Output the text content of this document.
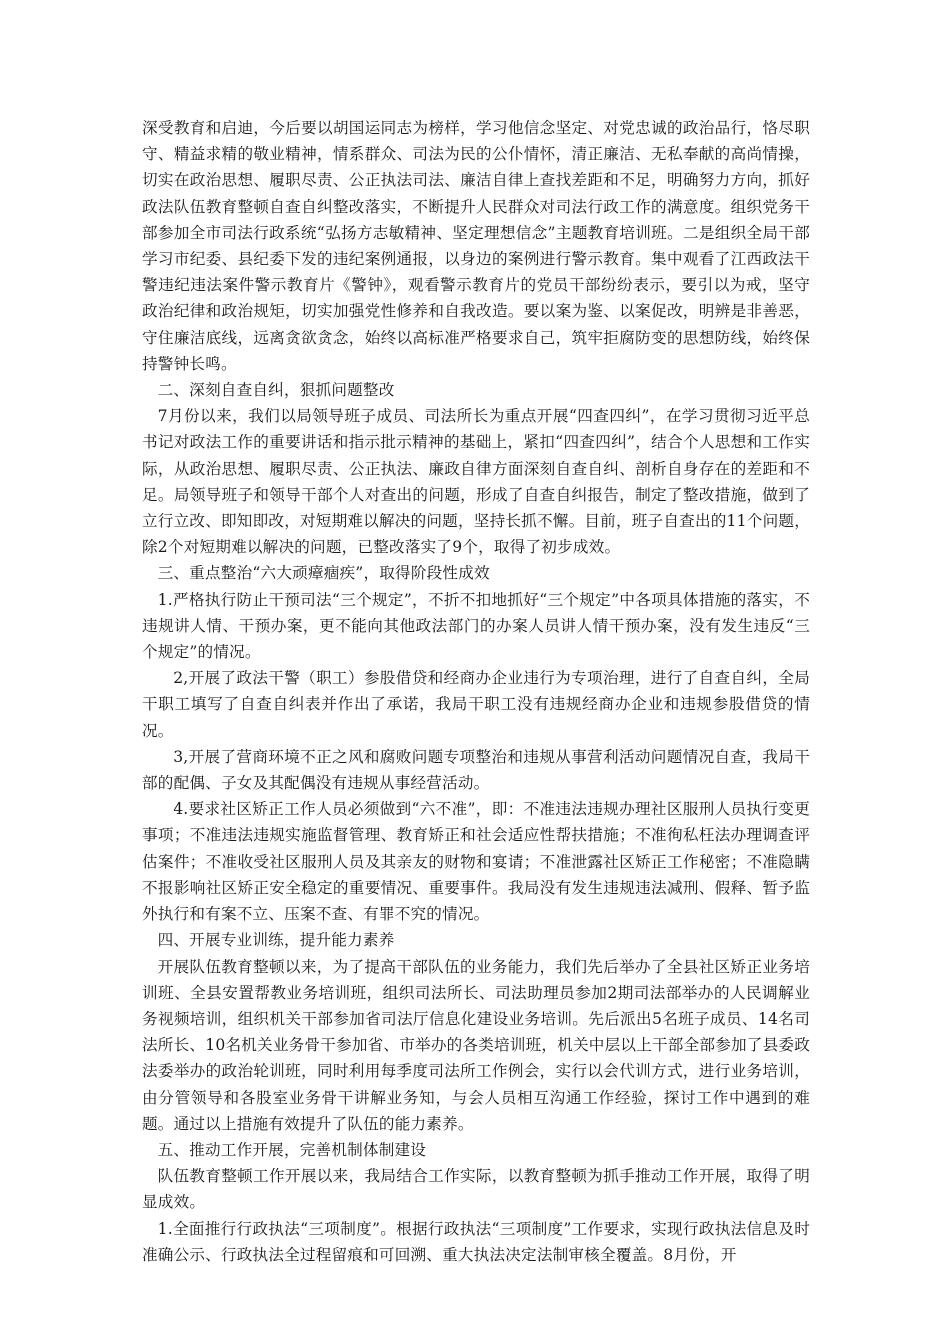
深受教育和启迪，今后要以胡国运同志为榜样，学习他信念坚定、对党忠诚的政治品行，恪尽职守、精益求精的敬业精神，情系群众、司法为民的公仆情怀，清正廉洁、无私奉献的高尚情操，切实在政治思想、履职尽责、公正执法司法、廉洁自律上查找差距和不足，明确努力方向，抓好政法队伍教育整顿自查自纠整改落实，不断提升人民群众对司法行政工作的满意度。组织党务干部参加全市司法行政系统“弘扬方志敏精神、坚定理想信念”主题教育培训班。二是组织全局干部学习市纪委、县纪委下发的违纪案例通报，以身边的案例进行警示教育。集中观看了江西政法干警违纪违法案件警示教育片《警钟》，观看警示教育片的党员干部纷纷表示，要引以为戒，坚守政治纪律和政治规矩，切实加强党性修养和自我改造。要以案为鉴、以案促改，明辨是非善恶，守住廉洁底线，远离贪欲贪念，始终以高标准严格要求自己，筑牢拒腐防变的思想防线，始终保持警钟长鸣。

二、深刻自查自纠，狠抓问题整改

7月份以来，我们以局领导班子成员、司法所长为重点开展“四查四纠”，在学习贯彻习近平总书记对政法工作的重要讲话和指示批示精神的基础上，紧扣“四查四纠”，结合个人思想和工作实际，从政治思想、履职尽责、公正执法、廉政自律方面深刻自查自纠、剖析自身存在的差距和不足。局领导班子和领导干部个人对查出的问题，形成了自查自纠报告，制定了整改措施，做到了立行立改、即知即改，对短期难以解决的问题，坚持长抓不懈。目前，班子自查出的11个问题，除2个对短期难以解决的问题，已整改落实了9个，取得了初步成效。

三、重点整治“六大顽瘴痼疾”，取得阶段性成效

1.严格执行防止干预司法“三个规定”，不折不扣地抓好“三个规定”中各项具体措施的落实，不违规讲人情、干预办案，更不能向其他政法部门的办案人员讲人情干预办案，没有发生违反“三个规定”的情况。

2,开展了政法干警（职工）参股借贷和经商办企业违行为专项治理，进行了自查自纠，全局干职工填写了自查自纠表并作出了承诺，我局干职工没有违规经商办企业和违规参股借贷的情况。

3,开展了营商环境不正之风和腐败问题专项整治和违规从事营利活动问题情况自查，我局干部的配偶、子女及其配偶没有违规从事经营活动。

4.要求社区矫正工作人员必须做到“六不准”，即：不准违法违规办理社区服刑人员执行变更事项；不准违法违规实施监督管理、教育矫正和社会适应性帮扶措施；不准徇私枉法办理调查评估案件；不准收受社区服刑人员及其亲友的财物和宴请；不准泄露社区矫正工作秘密；不准隐瞒不报影响社区矫正安全稳定的重要情况、重要事件。我局没有发生违规违法减刑、假释、暂予监外执行和有案不立、压案不查、有罪不究的情况。

四、开展专业训练，提升能力素养

开展队伍教育整顿以来，为了提高干部队伍的业务能力，我们先后举办了全县社区矫正业务培训班、全县安置帮教业务培训班，组织司法所长、司法助理员参加2期司法部举办的人民调解业务视频培训，组织机关干部参加省司法厅信息化建设业务培训。先后派出5名班子成员、14名司法所长、10名机关业务骨干参加省、市举办的各类培训班，机关中层以上干部全部参加了县委政法委举办的政治轮训班，同时利用每季度司法所工作例会，实行以会代训方式，进行业务培训，由分管领导和各股室业务骨干讲解业务知，与会人员相互沟通工作经验，探讨工作中遇到的难题。通过以上措施有效提升了队伍的能力素养。

五、推动工作开展，完善机制体制建设

队伍教育整顿工作开展以来，我局结合工作实际，以教育整顿为抓手推动工作开展，取得了明显成效。

1.全面推行行政执法“三项制度”。根据行政执法“三项制度”工作要求，实现行政执法信息及时准确公示、行政执法全过程留痕和可回溯、重大执法决定法制审核全覆盖。8月份，开
